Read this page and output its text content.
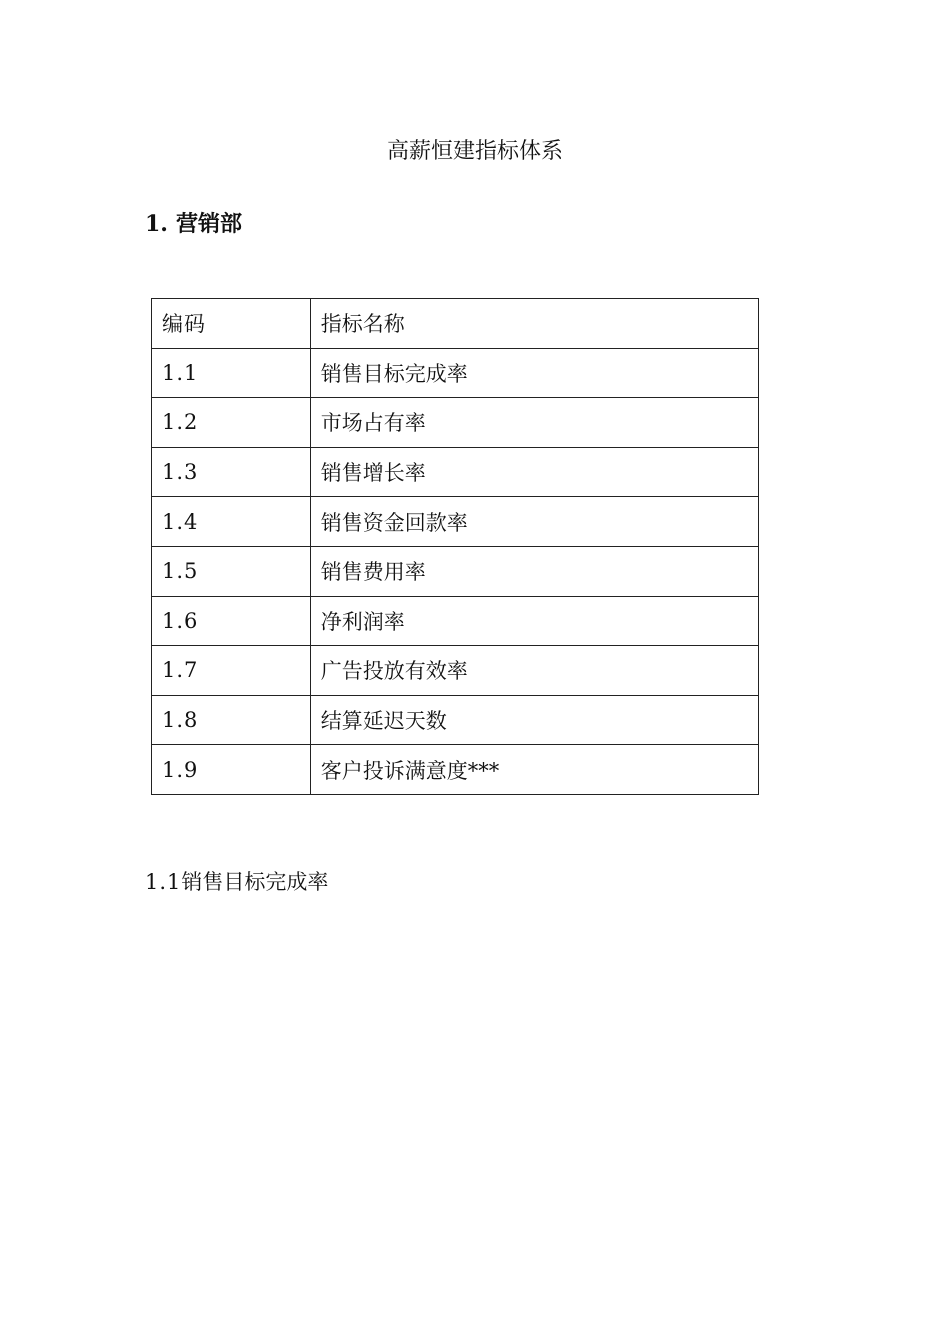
高薪恒建指标体系
1. 营销部
编码	指标名称
1.1	销售目标完成率
1.2	市场占有率
1.3	销售增长率
1.4	销售资金回款率
1.5	销售费用率
1.6	净利润率
1.7	广告投放有效率
1.8	结算延迟天数
1.9	客户投诉满意度***
1.1销售目标完成率
